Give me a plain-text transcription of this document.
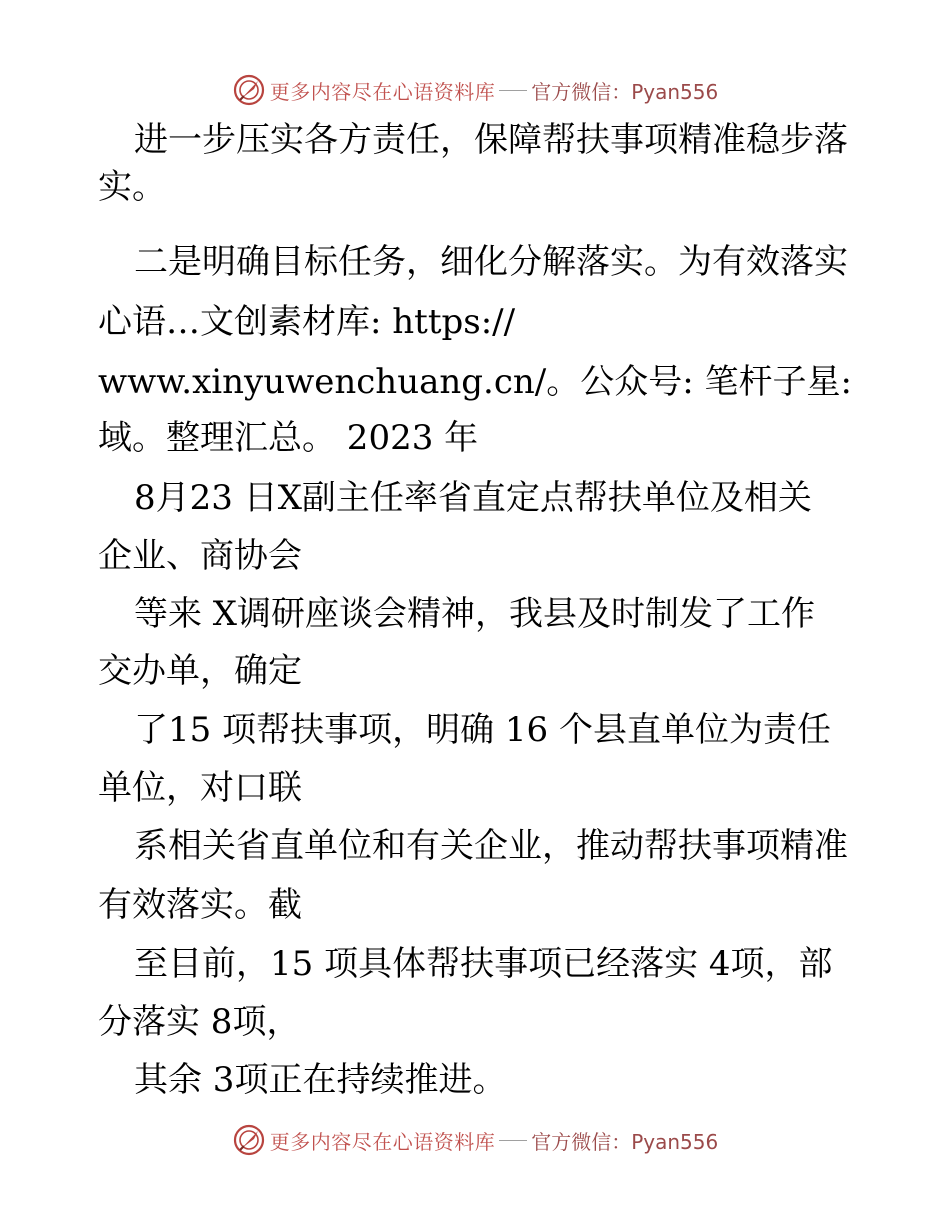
更多内容尽在心语资料库 官方微信：Pyan556
进一步压实各方责任，保障帮扶事项精准稳步落
实。
二是明确目标任务，细化分解落实。为有效落实
心语…文创素材库: https://
www.xinyuwenchuang.cn/。公众号: 笔杆子星:
域。整理汇总。 2023 年
8月23 日X副主任率省直定点帮扶单位及相关
企业、商协会
等来 X调研座谈会精神，我县及时制发了工作
交办单，确定
了15 项帮扶事项，明确 16 个县直单位为责任
单位，对口联
系相关省直单位和有关企业，推动帮扶事项精准
有效落实。截
至目前，15 项具体帮扶事项已经落实 4项，部
分落实 8项，
其余 3项正在持续推进。
更多内容尽在心语资料库 官方微信：Pyan556
